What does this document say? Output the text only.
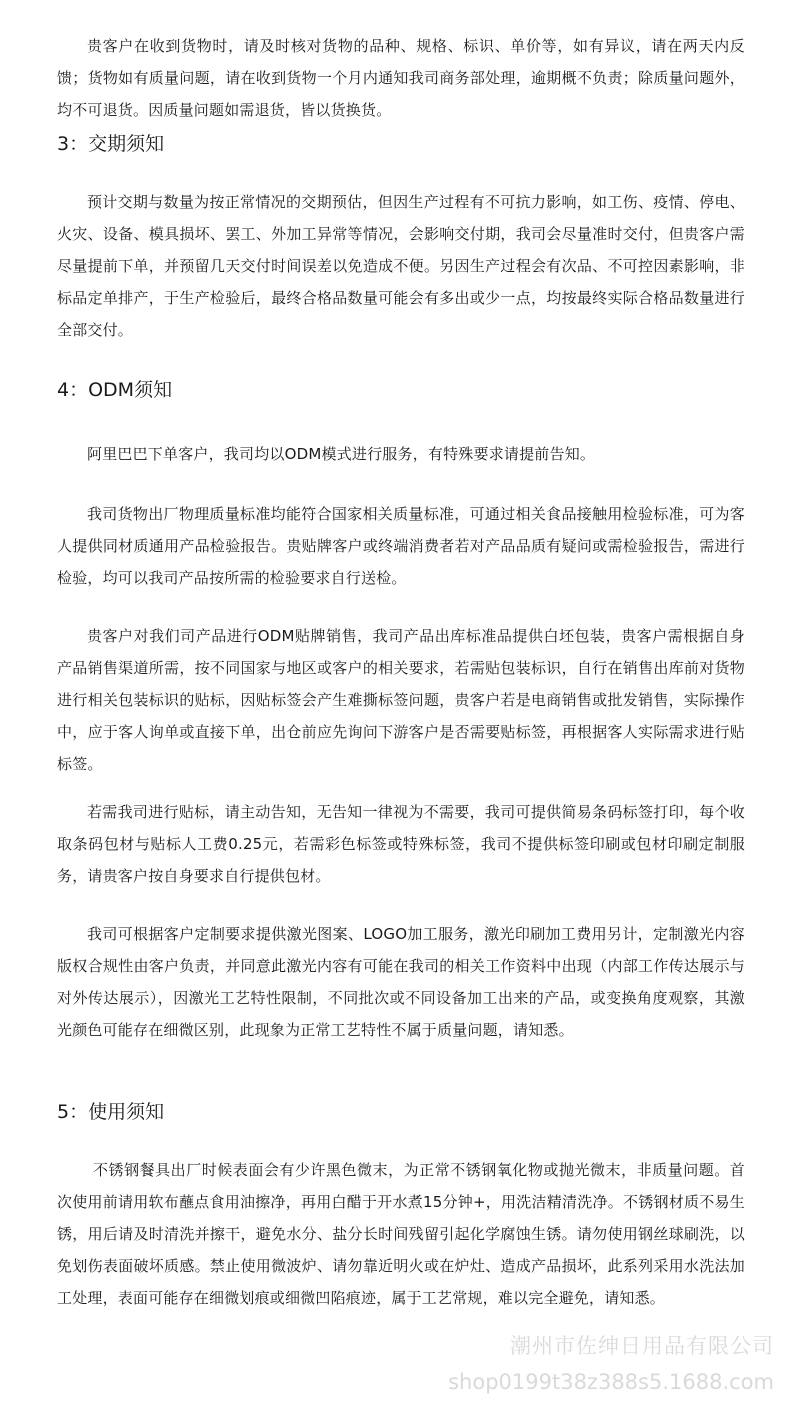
贵客户在收到货物时，请及时核对货物的品种、规格、标识、单价等，如有异议，请在两天内反馈；货物如有质量问题，请在收到货物一个月内通知我司商务部处理，逾期概不负责；除质量问题外，均不可退货。因质量问题如需退货，皆以货换货。

3：交期须知

预计交期与数量为按正常情况的交期预估，但因生产过程有不可抗力影响，如工伤、疫情、停电、火灾、设备、模具损坏、罢工、外加工异常等情况，会影响交付期，我司会尽量准时交付，但贵客户需尽量提前下单，并预留几天交付时间误差以免造成不便。另因生产过程会有次品、不可控因素影响，非标品定单排产，于生产检验后，最终合格品数量可能会有多出或少一点，均按最终实际合格品数量进行全部交付。

4：ODM须知

阿里巴巴下单客户，我司均以ODM模式进行服务，有特殊要求请提前告知。

我司货物出厂物理质量标准均能符合国家相关质量标准，可通过相关食品接触用检验标准，可为客人提供同材质通用产品检验报告。贵贴牌客户或终端消费者若对产品品质有疑问或需检验报告，需进行检验，均可以我司产品按所需的检验要求自行送检。

贵客户对我们司产品进行ODM贴牌销售，我司产品出库标准品提供白坯包装，贵客户需根据自身产品销售渠道所需，按不同国家与地区或客户的相关要求，若需贴包装标识，自行在销售出库前对货物进行相关包装标识的贴标，因贴标签会产生难撕标签问题，贵客户若是电商销售或批发销售，实际操作中，应于客人询单或直接下单，出仓前应先询问下游客户是否需要贴标签，再根据客人实际需求进行贴标签。

若需我司进行贴标，请主动告知，无告知一律视为不需要，我司可提供简易条码标签打印，每个收取条码包材与贴标人工费0.25元，若需彩色标签或特殊标签，我司不提供标签印刷或包材印刷定制服务，请贵客户按自身要求自行提供包材。

我司可根据客户定制要求提供激光图案、LOGO加工服务，激光印刷加工费用另计，定制激光内容版权合规性由客户负责，并同意此激光内容有可能在我司的相关工作资料中出现（内部工作传达展示与对外传达展示），因激光工艺特性限制，不同批次或不同设备加工出来的产品，或变换角度观察，其激光颜色可能存在细微区别，此现象为正常工艺特性不属于质量问题，请知悉。

5：使用须知

不锈钢餐具出厂时候表面会有少许黑色微末，为正常不锈钢氧化物或抛光微末，非质量问题。首次使用前请用软布蘸点食用油擦净，再用白醋于开水煮15分钟+，用洗洁精清洗净。不锈钢材质不易生锈，用后请及时清洗并擦干，避免水分、盐分长时间残留引起化学腐蚀生锈。请勿使用钢丝球刷洗，以免划伤表面破坏质感。禁止使用微波炉、请勿靠近明火或在炉灶、造成产品损坏，此系列采用水洗法加工处理，表面可能存在细微划痕或细微凹陷痕迹，属于工艺常规，难以完全避免，请知悉。

潮州市佐绅日用品有限公司

shop0199t38z388s5.1688.com
